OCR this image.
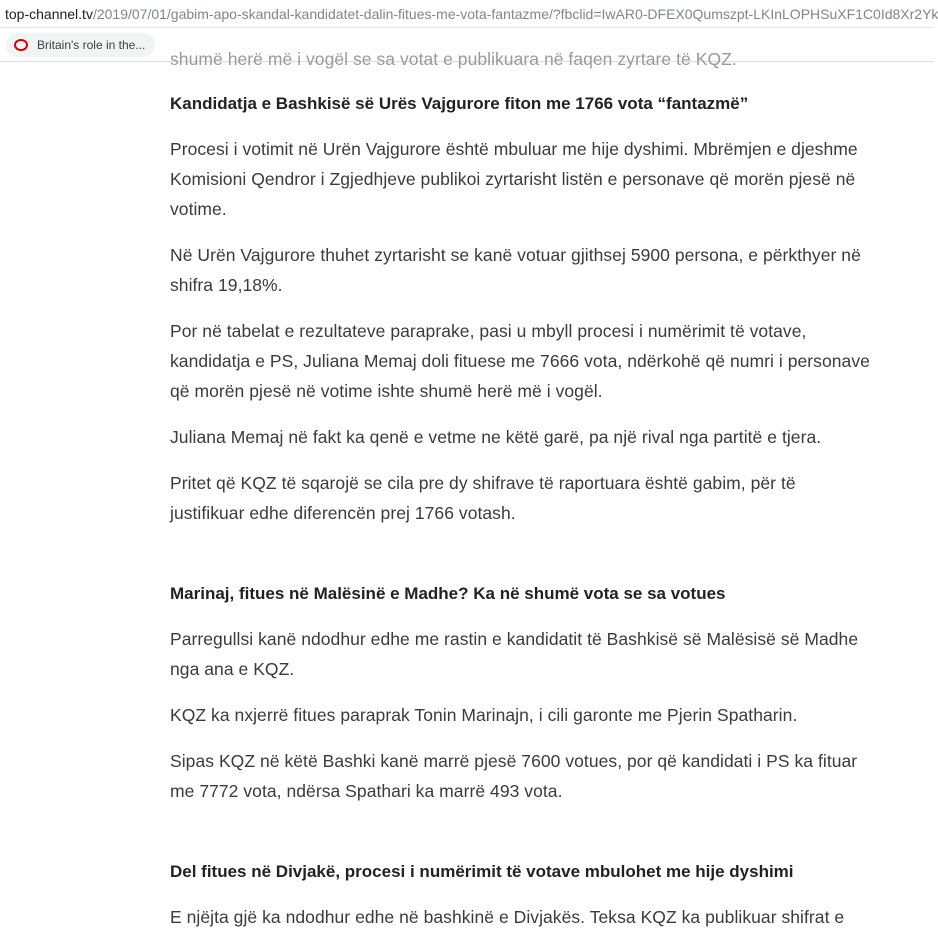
top-channel.tv /2019/07/01/gabim-apo-skandal-kandidatet-dalin-fitues-me-vota-fantazme/?fbclid=IwAR0-DFEX0Qumszpt-LKInLOPHSuXF1C0Id8Xr2Yk
Britain's role in the...

shumë herë më i vogël se sa votat e publikuara në faqen zyrtare të KQZ.

Kandidatja e Bashkisë së Urës Vajgurore fiton me 1766 vota “fantazmë”

Procesi i votimit në Urën Vajgurore është mbuluar me hije dyshimi. Mbrëmjen e djeshme Komisioni Qendror i Zgjedhjeve publikoi zyrtarisht listën e personave që morën pjesë në votime.

Në Urën Vajgurore thuhet zyrtarisht se kanë votuar gjithsej 5900 persona, e përkthyer në shifra 19,18%.

Por në tabelat e rezultateve paraprake, pasi u mbyll procesi i numërimit të votave, kandidatja e PS, Juliana Memaj doli fituese me 7666 vota, ndërkohë që numri i personave që morën pjesë në votime ishte shumë herë më i vogël.

Juliana Memaj në fakt ka qenë e vetme ne këtë garë, pa një rival nga partitë e tjera.

Pritet që KQZ të sqarojë se cila pre dy shifrave të raportuara është gabim, për të justifikuar edhe diferencën prej 1766 votash.

Marinaj, fitues në Malësinë e Madhe? Ka në shumë vota se sa votues

Parregullsi kanë ndodhur edhe me rastin e kandidatit të Bashkisë së Malësisë së Madhe nga ana e KQZ.

KQZ ka nxjerrë fitues paraprak Tonin Marinajn, i cili garonte me Pjerin Spatharin.

Sipas KQZ në këtë Bashki kanë marrë pjesë 7600 votues, por që kandidati i PS ka fituar me 7772 vota, ndërsa Spathari ka marrë 493 vota.

Del fitues në Divjakë, procesi i numërimit të votave mbulohet me hije dyshimi

E njëjta gjë ka ndodhur edhe në bashkinë e Divjakës. Teksa KQZ ka publikuar shifrat e
